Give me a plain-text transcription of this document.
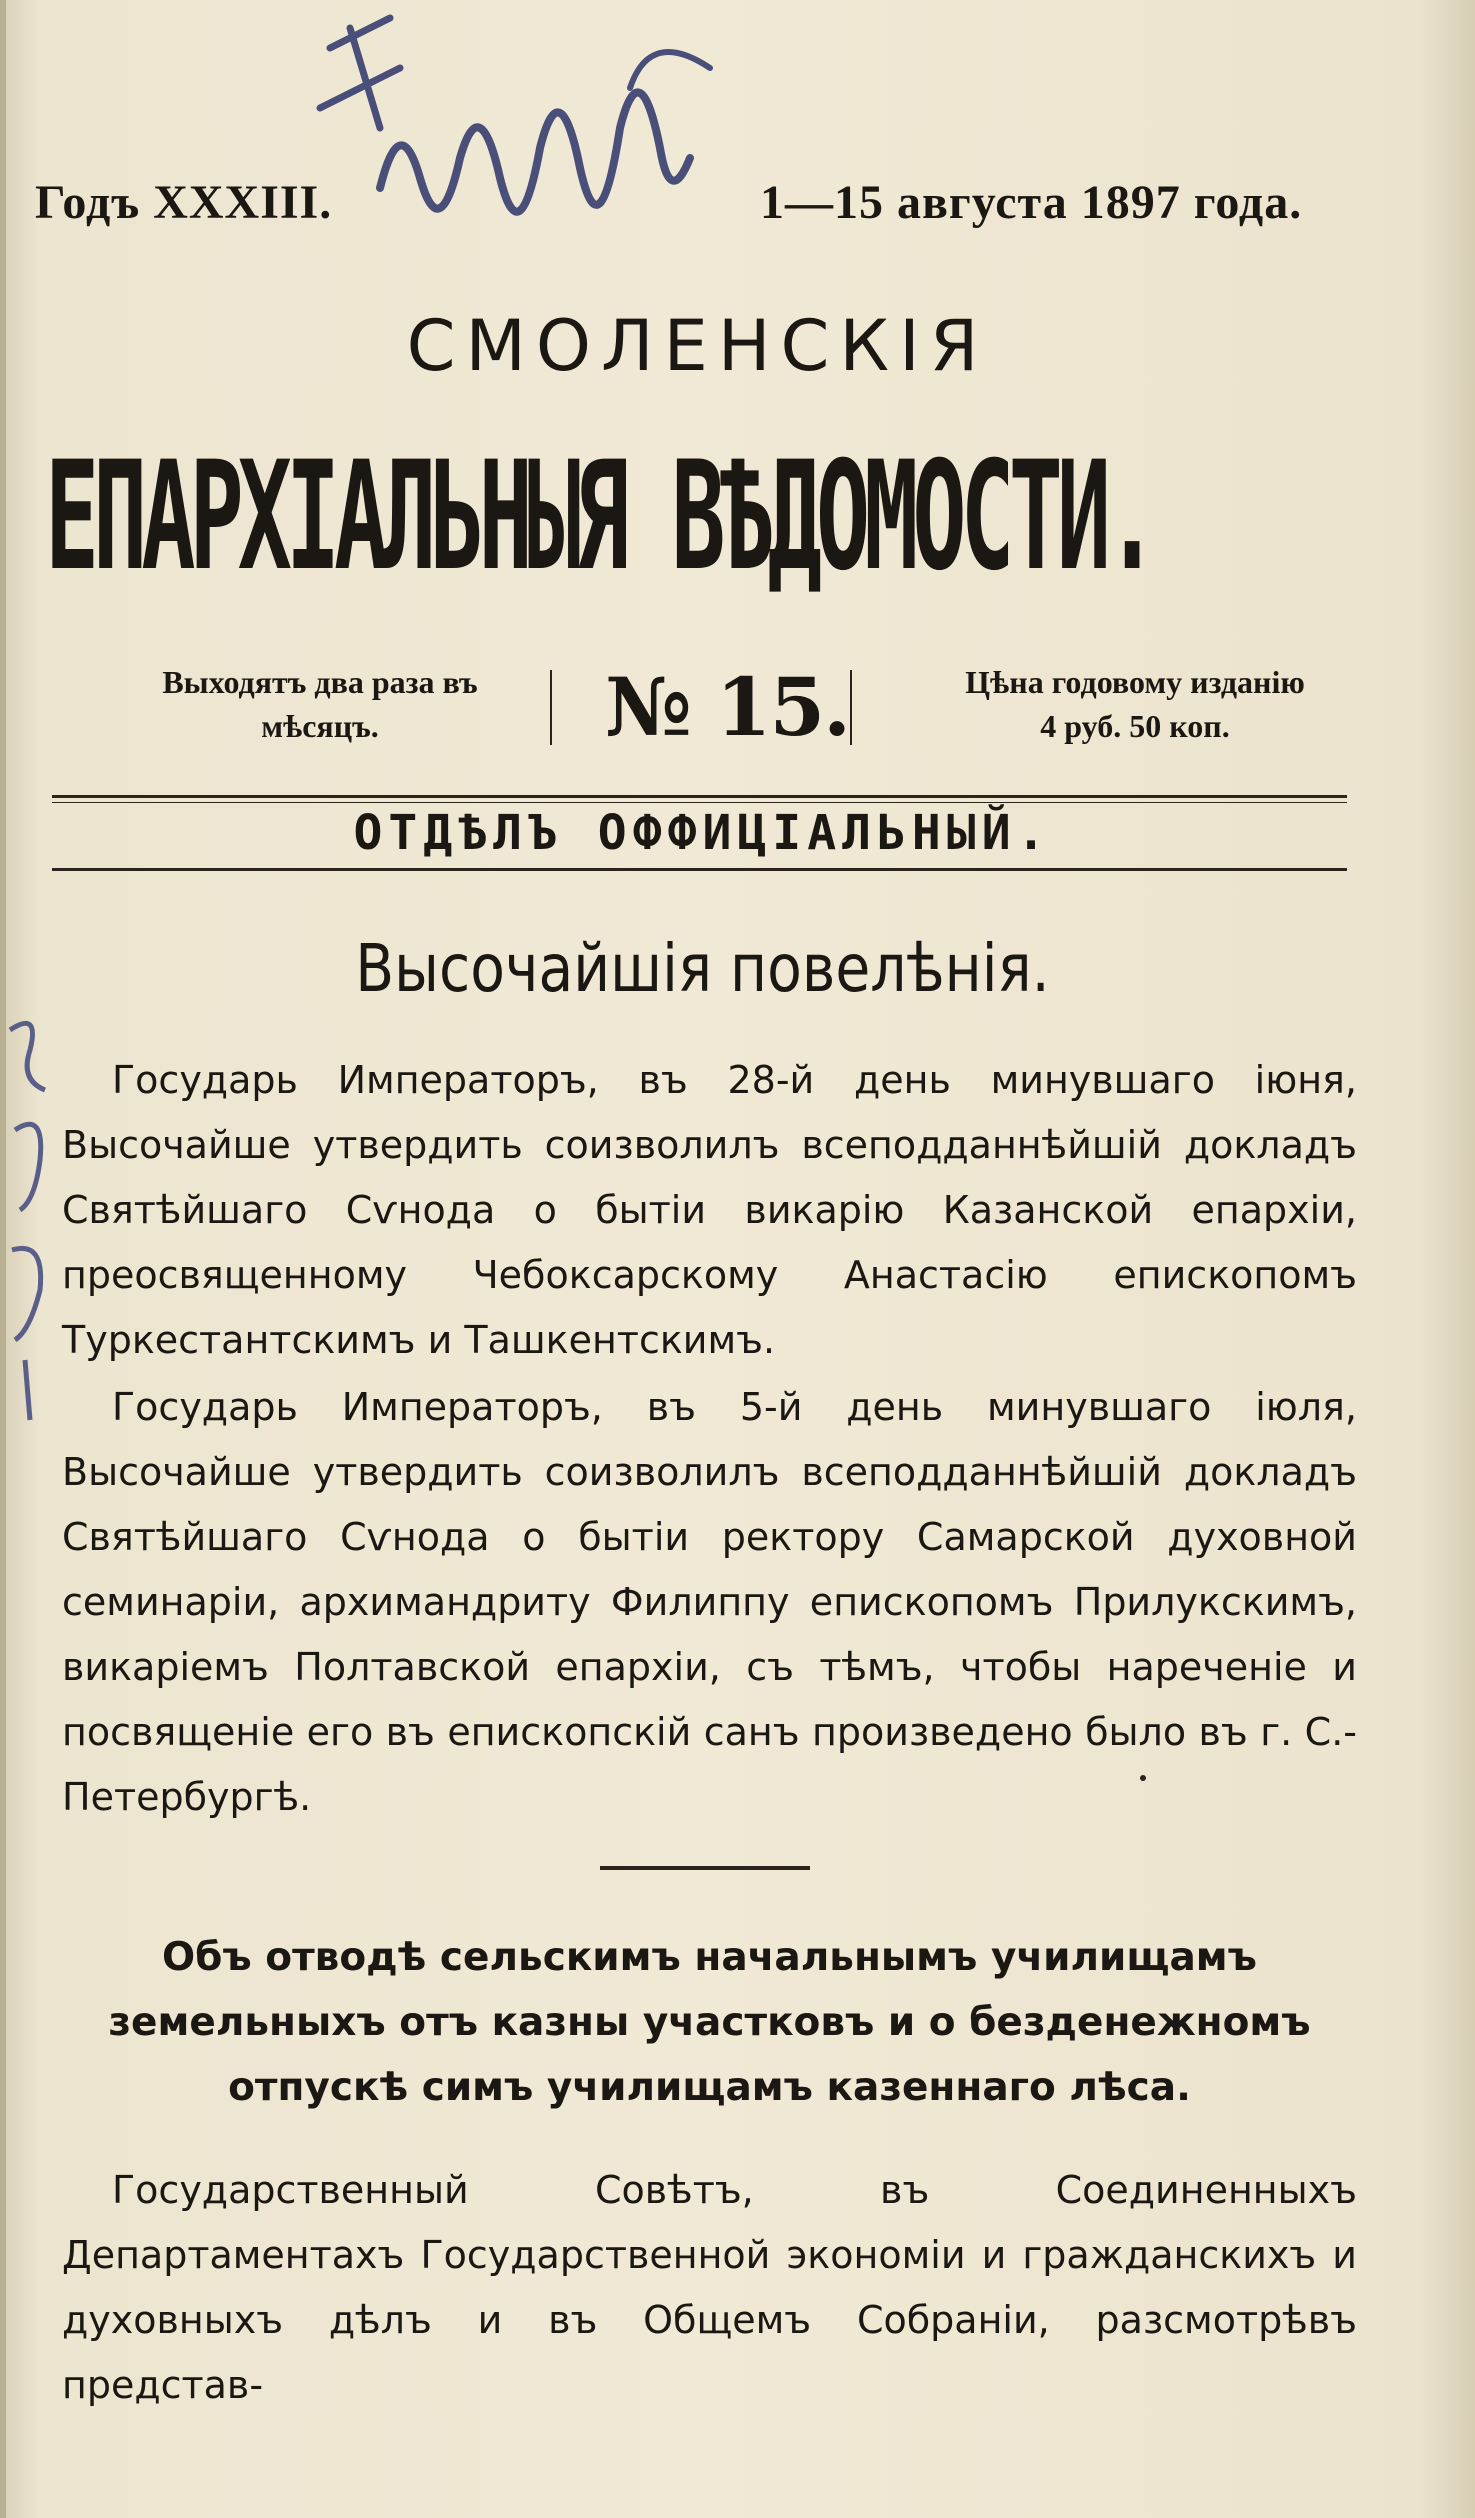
Годъ XXXIII.	1—15 августа 1897 года.
СМОЛЕНСКІЯ
ЕПАРХІАЛЬНЫЯ ВѢДОМОСТИ.
Выходятъ два раза въ
мѣсяцъ.	№ 15.	Цѣна годовому изданію
4 руб. 50 коп.
ОТДѢЛЪ ОФФИЦІАЛЬНЫЙ.
Высочайшія повелѣнія.

Государь Императоръ, въ 28-й день минувшаго іюня, Высочайше утвердить соизволилъ всеподданнѣйшій докладъ Святѣйшаго Сѵнода о бытіи викарію Казанской епархіи, преосвященному Чебоксарскому Анастасію епископомъ Туркестантскимъ и Ташкентскимъ.

Государь Императоръ, въ 5-й день минувшаго іюля, Высочайше утвердить соизволилъ всеподданнѣйшій докладъ Святѣйшаго Сѵнода о бытіи ректору Самарской духовной семинаріи, архимандриту Филиппу епископомъ Прилукскимъ, викаріемъ Полтавской епархіи, съ тѣмъ, чтобы нареченіе и посвященіе его въ епископскій санъ произведено было въ г. С.-Петербургѣ.

Объ отводѣ сельскимъ начальнымъ училищамъ земельныхъ отъ казны участковъ и о безденежномъ отпускѣ симъ училищамъ казеннаго лѣса.

Государственный Совѣтъ, въ Соединенныхъ Департаментахъ Государственной экономіи и гражданскихъ и духовныхъ дѣлъ и въ Общемъ Собраніи, разсмотрѣвъ представ-
